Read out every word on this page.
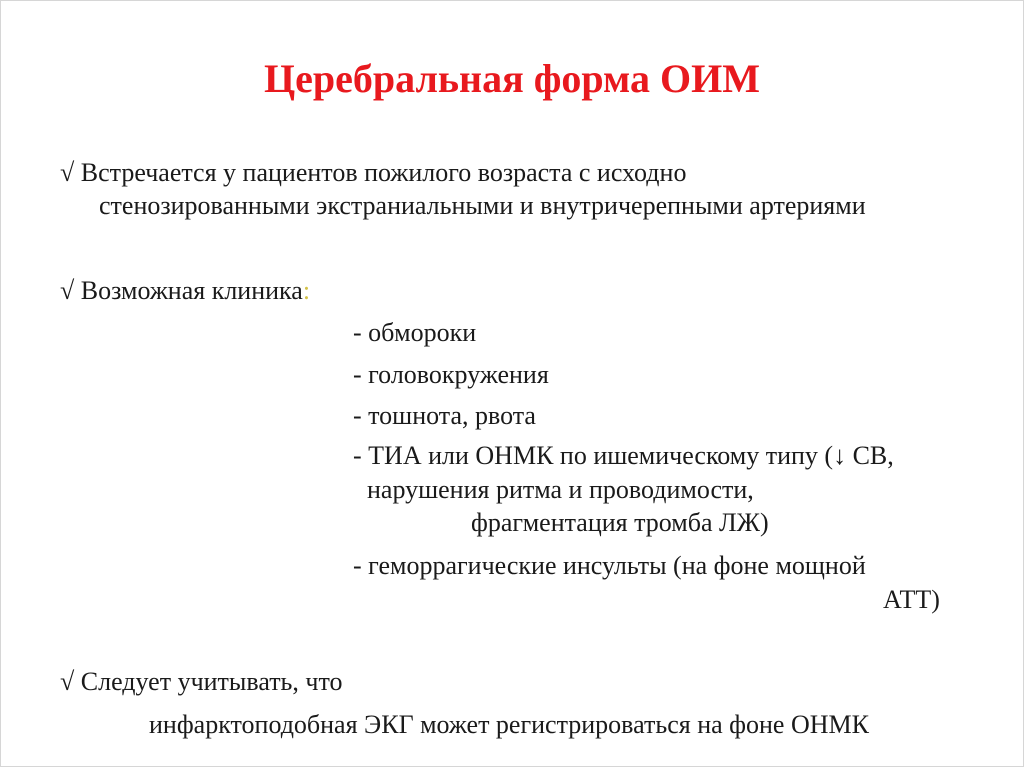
Церебральная форма ОИМ

√ Встречается у пациентов пожилого возраста с исходно

стенозированными экстраниальными и внутричерепными артериями

√ Возможная клиника:

- обмороки

- головокружения

- тошнота, рвота

- ТИА или ОНМК по ишемическому типу (↓ СВ,

нарушения ритма и проводимости,

фрагментация тромба ЛЖ)

- геморрагические инсульты (на фоне мощной

АТТ)

√ Следует учитывать, что

инфарктоподобная ЭКГ может регистрироваться на фоне ОНМК
